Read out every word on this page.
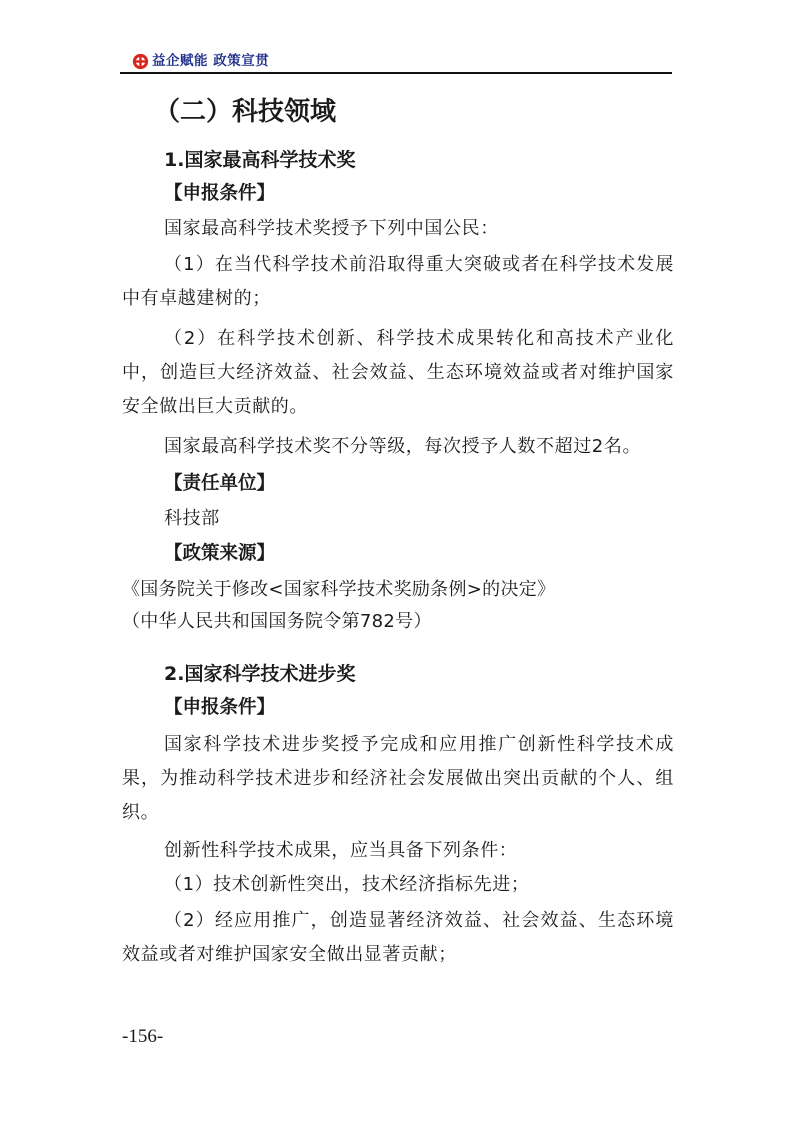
益企赋能 政策宣贯
（二）科技领域
1.国家最高科学技术奖
【申报条件】

国家最高科学技术奖授予下列中国公民：

（1）在当代科学技术前沿取得重大突破或者在科学技术发展中有卓越建树的；

（2）在科学技术创新、科学技术成果转化和高技术产业化中，创造巨大经济效益、社会效益、生态环境效益或者对维护国家安全做出巨大贡献的。

国家最高科学技术奖不分等级，每次授予人数不超过2名。

【责任单位】

科技部

【政策来源】

《国务院关于修改<国家科学技术奖励条例>的决定》
（中华人民共和国国务院令第782号）

2.国家科学技术进步奖
【申报条件】

国家科学技术进步奖授予完成和应用推广创新性科学技术成果，为推动科学技术进步和经济社会发展做出突出贡献的个人、组织。

创新性科学技术成果，应当具备下列条件：

（1）技术创新性突出，技术经济指标先进；

（2）经应用推广，创造显著经济效益、社会效益、生态环境效益或者对维护国家安全做出显著贡献；

-156-
